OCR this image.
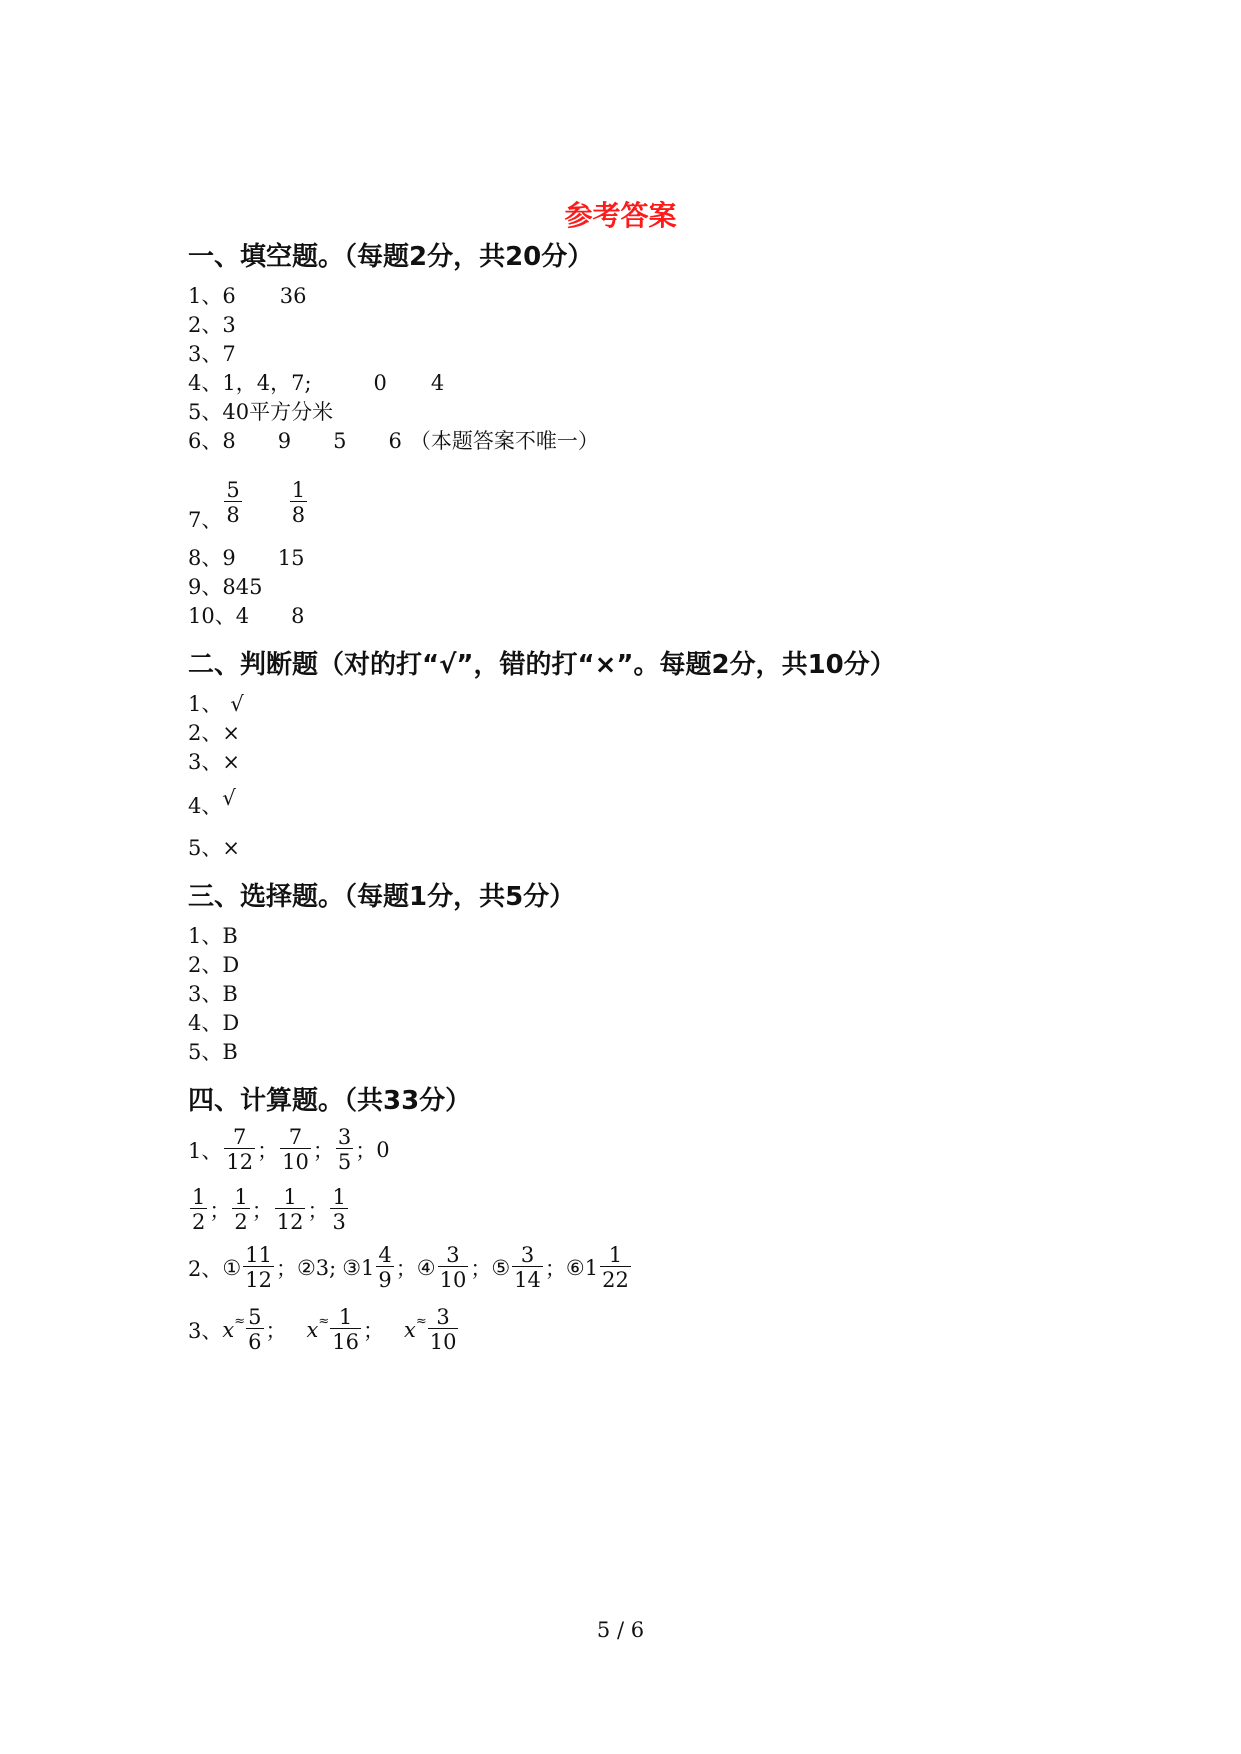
参考答案
一、填空题。（每题2分，共20分）
1、6 36
2、3
3、7
4、1，4，7;	0 4
5、40平方分米
6、8 9 5 6 （本题答案不唯一）
7、 $\frac{5}{8} \frac{1}{8}$
8、9 15
9、845
10、4 8
二、判断题（对的打“√”，错的打“×”。每题2分，共10分）
1、 √
2、×
3、×
4、√
5、×
三、选择题。（每题1分，共5分）
1、B
2、D
3、B
4、D
5、B
四、计算题。（共33分）
1、 $\frac{7}{12}$ ； $\frac{7}{10}$ ； $\frac{3}{5}$ ； 0
$\frac{1}{2}$ ； $\frac{1}{2}$ ； $\frac{1}{12}$ ； $\frac{1}{3}$
2、 ① $\frac{11}{12}$ ； ②3; ③1 $\frac{4}{9}$ ； ④ $\frac{3}{10}$ ； ⑤ $\frac{3}{14}$ ； ⑥1 $\frac{1}{22}$
3、 $x \approx \frac{5}{6}$ ； $x \approx \frac{1}{16}$ ； $x \approx \frac{3}{10}$
5 / 6
